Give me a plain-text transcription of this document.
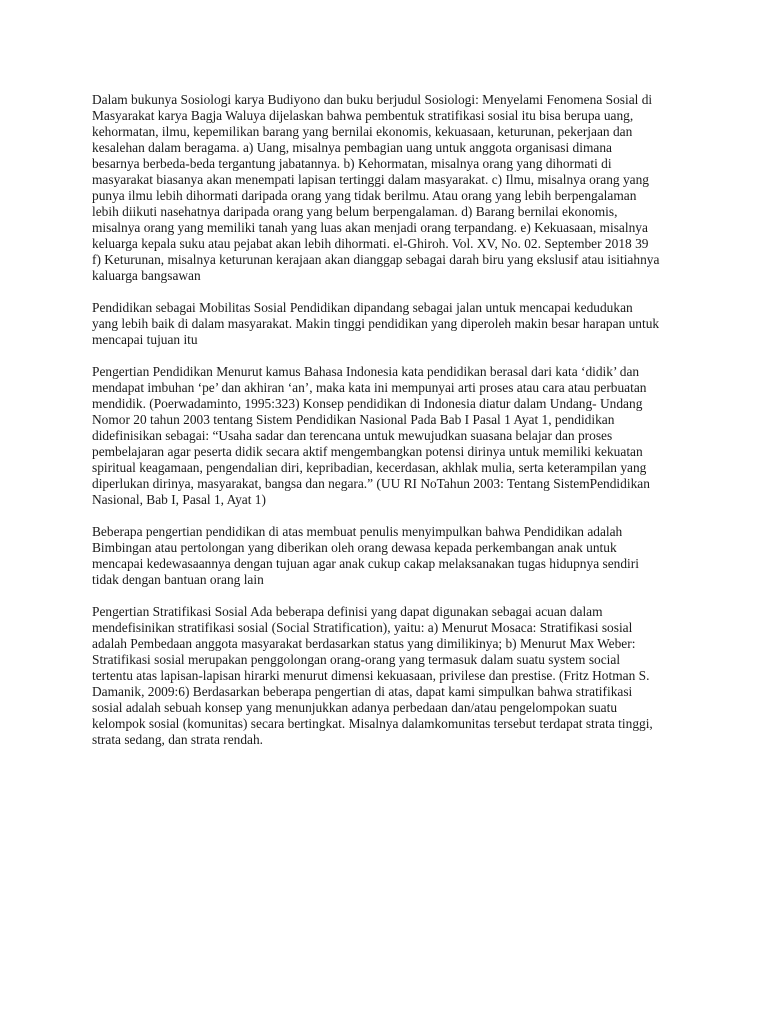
Dalam bukunya Sosiologi karya Budiyono dan buku berjudul Sosiologi: Menyelami Fenomena Sosial di
Masyarakat karya Bagja Waluya dijelaskan bahwa pembentuk stratifikasi sosial itu bisa berupa uang,
kehormatan, ilmu, kepemilikan barang yang bernilai ekonomis, kekuasaan, keturunan, pekerjaan dan
kesalehan dalam beragama. a) Uang, misalnya pembagian uang untuk anggota organisasi dimana
besarnya berbeda-beda tergantung jabatannya. b) Kehormatan, misalnya orang yang dihormati di
masyarakat biasanya akan menempati lapisan tertinggi dalam masyarakat. c) Ilmu, misalnya orang yang
punya ilmu lebih dihormati daripada orang yang tidak berilmu. Atau orang yang lebih berpengalaman
lebih diikuti nasehatnya daripada orang yang belum berpengalaman. d) Barang bernilai ekonomis,
misalnya orang yang memiliki tanah yang luas akan menjadi orang terpandang. e) Kekuasaan, misalnya
keluarga kepala suku atau pejabat akan lebih dihormati. el-Ghiroh. Vol. XV, No. 02. September 2018 39
f) Keturunan, misalnya keturunan kerajaan akan dianggap sebagai darah biru yang ekslusif atau isitiahnya
kaluarga bangsawan

Pendidikan sebagai Mobilitas Sosial Pendidikan dipandang sebagai jalan untuk mencapai kedudukan
yang lebih baik di dalam masyarakat. Makin tinggi pendidikan yang diperoleh makin besar harapan untuk
mencapai tujuan itu

Pengertian Pendidikan Menurut kamus Bahasa Indonesia kata pendidikan berasal dari kata ‘didik’ dan
mendapat imbuhan ‘pe’ dan akhiran ‘an’, maka kata ini mempunyai arti proses atau cara atau perbuatan
mendidik. (Poerwadaminto, 1995:323) Konsep pendidikan di Indonesia diatur dalam Undang- Undang
Nomor 20 tahun 2003 tentang Sistem Pendidikan Nasional Pada Bab I Pasal 1 Ayat 1, pendidikan
didefinisikan sebagai: “Usaha sadar dan terencana untuk mewujudkan suasana belajar dan proses
pembelajaran agar peserta didik secara aktif mengembangkan potensi dirinya untuk memiliki kekuatan
spiritual keagamaan, pengendalian diri, kepribadian, kecerdasan, akhlak mulia, serta keterampilan yang
diperlukan dirinya, masyarakat, bangsa dan negara.” (UU RI NoTahun 2003: Tentang SistemPendidikan
Nasional, Bab I, Pasal 1, Ayat 1)

Beberapa pengertian pendidikan di atas membuat penulis menyimpulkan bahwa Pendidikan adalah
Bimbingan atau pertolongan yang diberikan oleh orang dewasa kepada perkembangan anak untuk
mencapai kedewasaannya dengan tujuan agar anak cukup cakap melaksanakan tugas hidupnya sendiri
tidak dengan bantuan orang lain

Pengertian Stratifikasi Sosial Ada beberapa definisi yang dapat digunakan sebagai acuan dalam
mendefisinikan stratifikasi sosial (Social Stratification), yaitu: a) Menurut Mosaca: Stratifikasi sosial
adalah Pembedaan anggota masyarakat berdasarkan status yang dimilikinya; b) Menurut Max Weber:
Stratifikasi sosial merupakan penggolongan orang-orang yang termasuk dalam suatu system social
tertentu atas lapisan-lapisan hirarki menurut dimensi kekuasaan, privilese dan prestise. (Fritz Hotman S.
Damanik, 2009:6) Berdasarkan beberapa pengertian di atas, dapat kami simpulkan bahwa stratifikasi
sosial adalah sebuah konsep yang menunjukkan adanya perbedaan dan/atau pengelompokan suatu
kelompok sosial (komunitas) secara bertingkat. Misalnya dalamkomunitas tersebut terdapat strata tinggi,
strata sedang, dan strata rendah.
